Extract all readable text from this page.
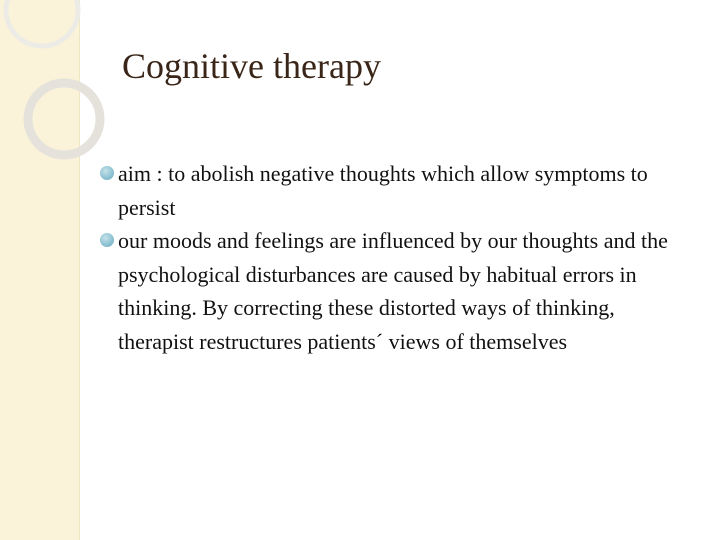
Cognitive therapy
aim : to abolish negative thoughts which allow symptoms to persist
our moods and feelings are influenced by our thoughts and the psychological disturbances are caused by habitual errors in thinking. By correcting these distorted ways of thinking, therapist restructures patients´ views of themselves
